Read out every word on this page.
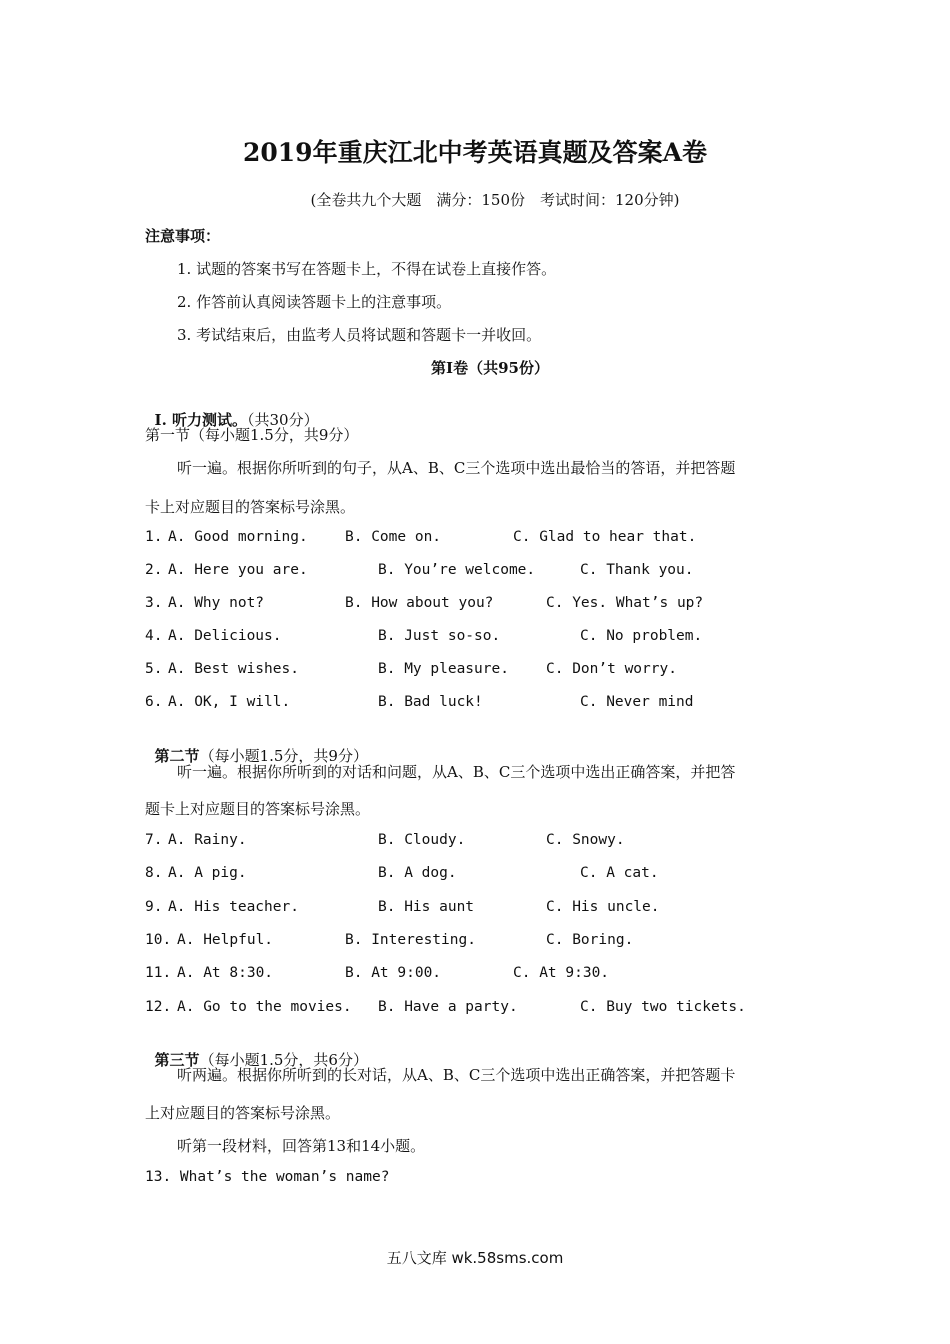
2019年重庆江北中考英语真题及答案A卷
(全卷共九个大题　满分：150份　考试时间：120分钟)
注意事项：
1. 试题的答案书写在答题卡上，不得在试卷上直接作答。
2. 作答前认真阅读答题卡上的注意事项。
3. 考试结束后，由监考人员将试题和答题卡一并收回。
第Ⅰ卷（共95份）

I. 听力测试。（共30分）

第一节（每小题1.5分，共9分）
听一遍。根据你所听到的句子，从A、B、C三个选项中选出最恰当的答语，并把答题
卡上对应题目的答案标号涂黑。
1. A. Good morning.	B. Come on.	C. Glad to hear that.
2. A. Here you are.	B. You’re welcome.	C. Thank you.
3. A. Why not?	B. How about you?	C. Yes. What’s up?
4. A. Delicious.	B. Just so-so.	C. No problem.
5. A. Best wishes.	B. My pleasure.	C. Don’t worry.
6. A. OK, I will.	B. Bad luck!	C. Never mind

第二节（每小题1.5分，共9分）

听一遍。根据你所听到的对话和问题，从A、B、C三个选项中选出正确答案，并把答
题卡上对应题目的答案标号涂黑。
7. A. Rainy.	B. Cloudy.	C. Snowy.
8. A. A pig.	B. A dog.	C. A cat.
9. A. His teacher.	B. His aunt	C. His uncle.
10. A. Helpful.	B. Interesting.	C. Boring.
11. A. At 8:30.	B. At 9:00.	C. At 9:30.
12. A. Go to the movies. B. Have a party.	C. Buy two tickets.

第三节（每小题1.5分，共6分）

听两遍。根据你所听到的长对话，从A、B、C三个选项中选出正确答案，并把答题卡
上对应题目的答案标号涂黑。
听第一段材料，回答第13和14小题。
13. What’s the woman’s name?
五八文库 wk.58sms.com
